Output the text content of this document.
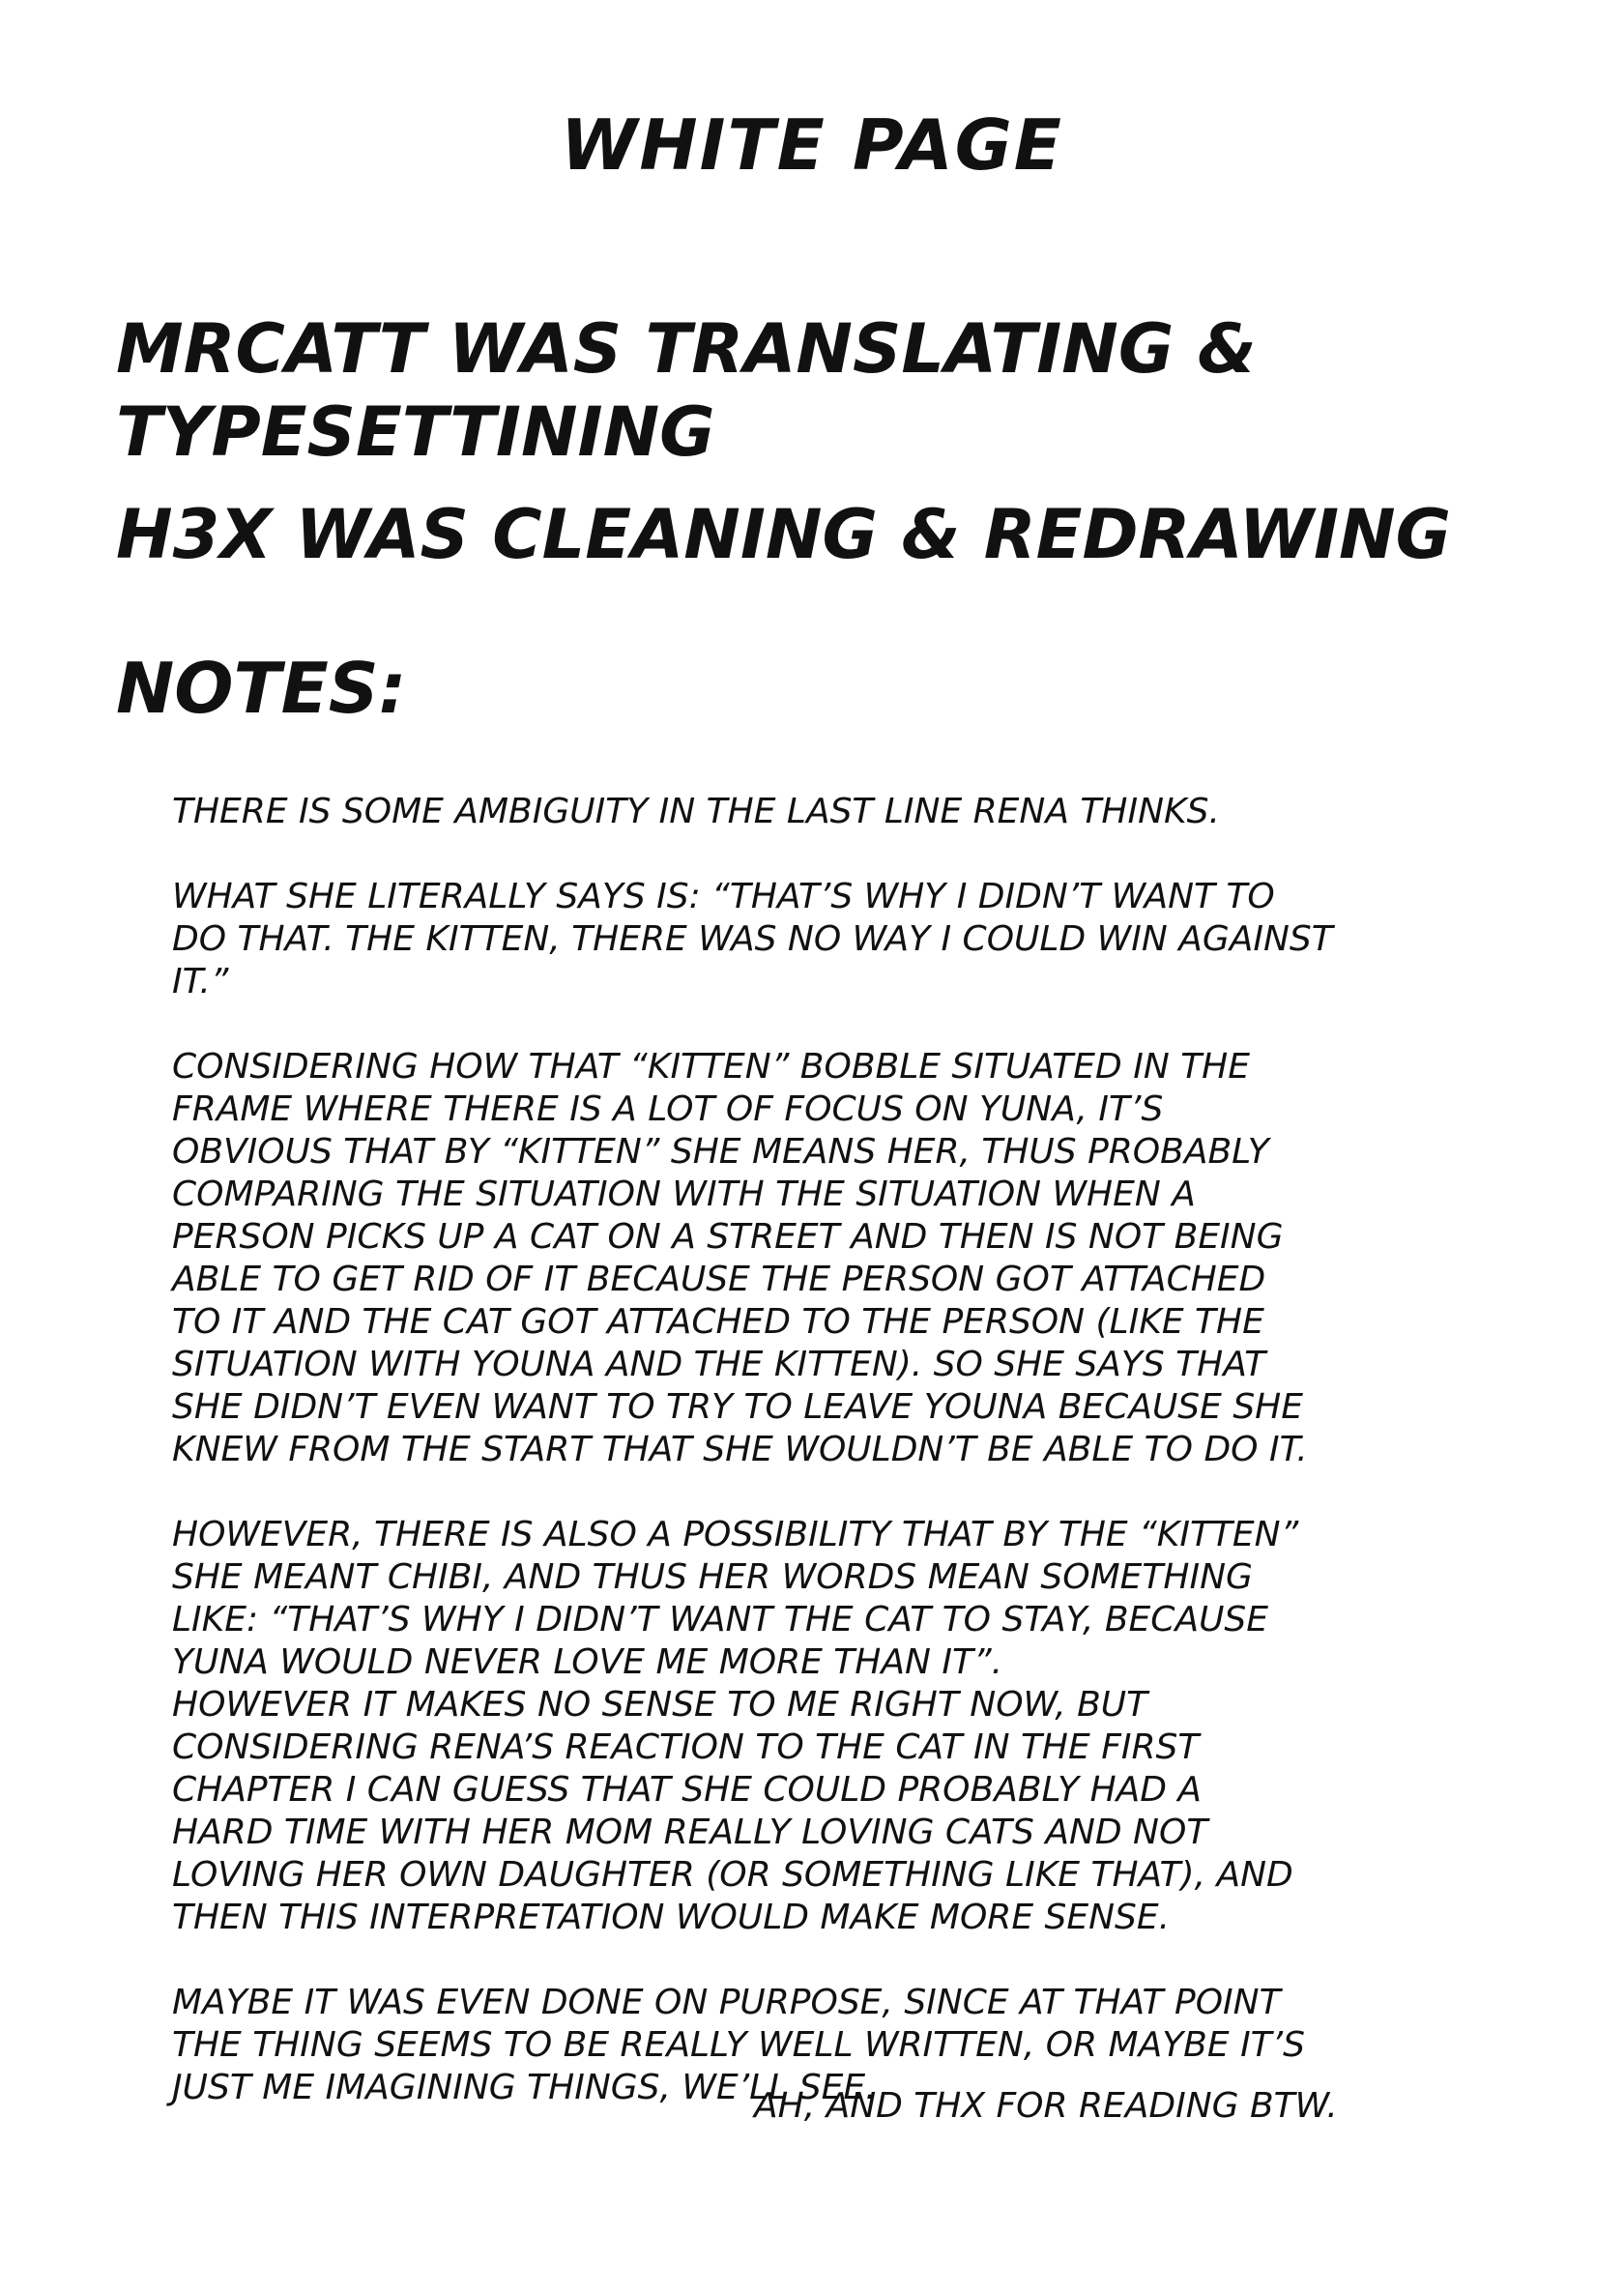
WHITE PAGE
MRCATT WAS TRANSLATING &
TYPESETTINING
H3X WAS CLEANING & REDRAWING
NOTES:
THERE IS SOME AMBIGUITY IN THE LAST LINE RENA THINKS.
WHAT SHE LITERALLY SAYS IS: “THAT’S WHY I DIDN’T WANT TO
DO THAT. THE KITTEN, THERE WAS NO WAY I COULD WIN AGAINST
IT.”
CONSIDERING HOW THAT “KITTEN” BOBBLE SITUATED IN THE
FRAME WHERE THERE IS A LOT OF FOCUS ON YUNA, IT’S
OBVIOUS THAT BY “KITTEN” SHE MEANS HER, THUS PROBABLY
COMPARING THE SITUATION WITH THE SITUATION WHEN A
PERSON PICKS UP A CAT ON A STREET AND THEN IS NOT BEING
ABLE TO GET RID OF IT BECAUSE THE PERSON GOT ATTACHED
TO IT AND THE CAT GOT ATTACHED TO THE PERSON (LIKE THE
SITUATION WITH YOUNA AND THE KITTEN). SO SHE SAYS THAT
SHE DIDN’T EVEN WANT TO TRY TO LEAVE YOUNA BECAUSE SHE
KNEW FROM THE START THAT SHE WOULDN’T BE ABLE TO DO IT.
HOWEVER, THERE IS ALSO A POSSIBILITY THAT BY THE “KITTEN”
SHE MEANT CHIBI, AND THUS HER WORDS MEAN SOMETHING
LIKE: “THAT’S WHY I DIDN’T WANT THE CAT TO STAY, BECAUSE
YUNA WOULD NEVER LOVE ME MORE THAN IT”.
HOWEVER IT MAKES NO SENSE TO ME RIGHT NOW, BUT
CONSIDERING RENA’S REACTION TO THE CAT IN THE FIRST
CHAPTER I CAN GUESS THAT SHE COULD PROBABLY HAD A
HARD TIME WITH HER MOM REALLY LOVING CATS AND NOT
LOVING HER OWN DAUGHTER (OR SOMETHING LIKE THAT), AND
THEN THIS INTERPRETATION WOULD MAKE MORE SENSE.
MAYBE IT WAS EVEN DONE ON PURPOSE, SINCE AT THAT POINT
THE THING SEEMS TO BE REALLY WELL WRITTEN, OR MAYBE IT’S
JUST ME IMAGINING THINGS, WE’LL SEE.
AH, AND THX FOR READING BTW.
